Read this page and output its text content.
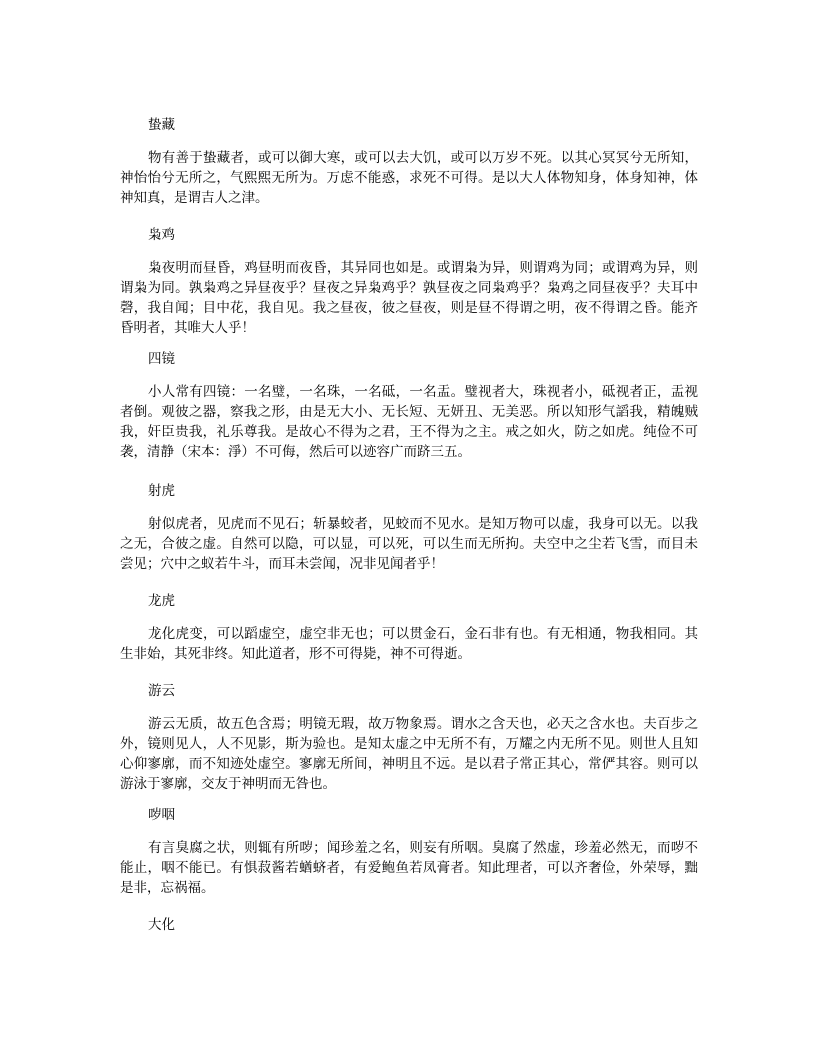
蛰藏

物有善于蛰藏者，或可以御大寒，或可以去大饥，或可以万岁不死。以其心冥冥兮无所知，神怡怡兮无所之，气熙熙无所为。万虑不能惑，求死不可得。是以大人体物知身，体身知神，体神知真，是谓吉人之津。

枭鸡

枭夜明而昼昏，鸡昼明而夜昏，其异同也如是。或谓枭为异，则谓鸡为同；或谓鸡为异，则谓枭为同。孰枭鸡之异昼夜乎？昼夜之异枭鸡乎？孰昼夜之同枭鸡乎？枭鸡之同昼夜乎？夫耳中磬，我自闻；目中花，我自见。我之昼夜，彼之昼夜，则是昼不得谓之明，夜不得谓之昏。能齐昏明者，其唯大人乎！

四镜

小人常有四镜：一名璧，一名珠，一名砥，一名盂。璧视者大，珠视者小，砥视者正，盂视者倒。观彼之器，察我之形，由是无大小、无长短、无妍丑、无美恶。所以知形气謟我，精魄贼我，奸臣贵我，礼乐尊我。是故心不得为之君，王不得为之主。戒之如火，防之如虎。纯俭不可袭，清静（宋本：淨）不可侮，然后可以迹容广而跻三五。

射虎

射似虎者，见虎而不见石；斩暴蛟者，见蛟而不见水。是知万物可以虚，我身可以无。以我之无，合彼之虚。自然可以隐，可以显，可以死，可以生而无所拘。夫空中之尘若飞雪，而目未尝见；穴中之蚁若牛斗，而耳未尝闻，况非见闻者乎！

龙虎

龙化虎变，可以蹈虚空，虚空非无也；可以贯金石，金石非有也。有无相通，物我相同。其生非始，其死非终。知此道者，形不可得毙，神不可得逝。

游云

游云无质，故五色含焉；明镜无瑕，故万物象焉。谓水之含天也，必天之含水也。夫百步之外，镜则见人，人不见影，斯为验也。是知太虚之中无所不有，万耀之内无所不见。则世人且知心仰寥廓，而不知迹处虚空。寥廓无所间，神明且不远。是以君子常正其心，常俨其容。则可以游泳于寥廓，交友于神明而无咎也。

哕咽

有言臭腐之状，则辄有所哕；闻珍羞之名，则妄有所咽。臭腐了然虚，珍羞必然无，而哕不能止，咽不能已。有惧菽酱若蝤蛴者，有爱鲍鱼若凤膏者。知此理者，可以齐奢俭，外荣辱，黜是非，忘祸福。

大化
